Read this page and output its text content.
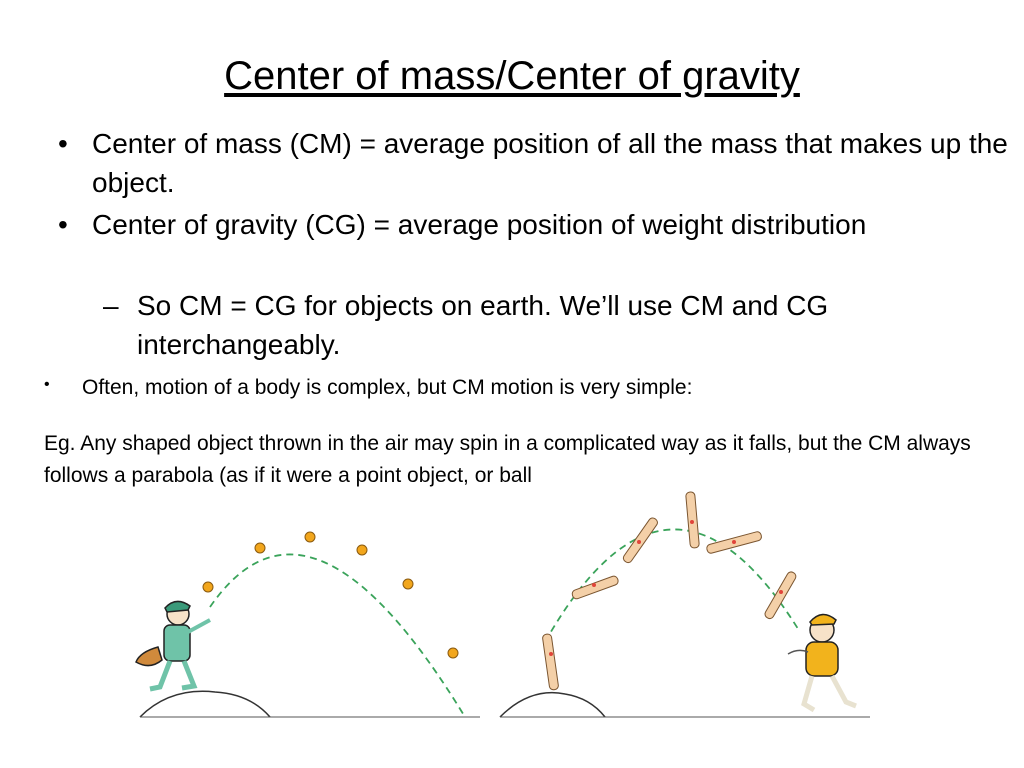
Center of mass/Center of gravity
• Center of mass (CM) = average position of all the mass that makes up the object.
• Center of gravity (CG) = average position of weight distribution
– So CM = CG for objects on earth. We’ll use CM and CG interchangeably.
• Often, motion of a body is complex, but CM motion is very simple:
Eg. Any shaped object thrown in the air may spin in a complicated way as it falls, but the CM always follows a parabola (as if it were a point object, or ball
